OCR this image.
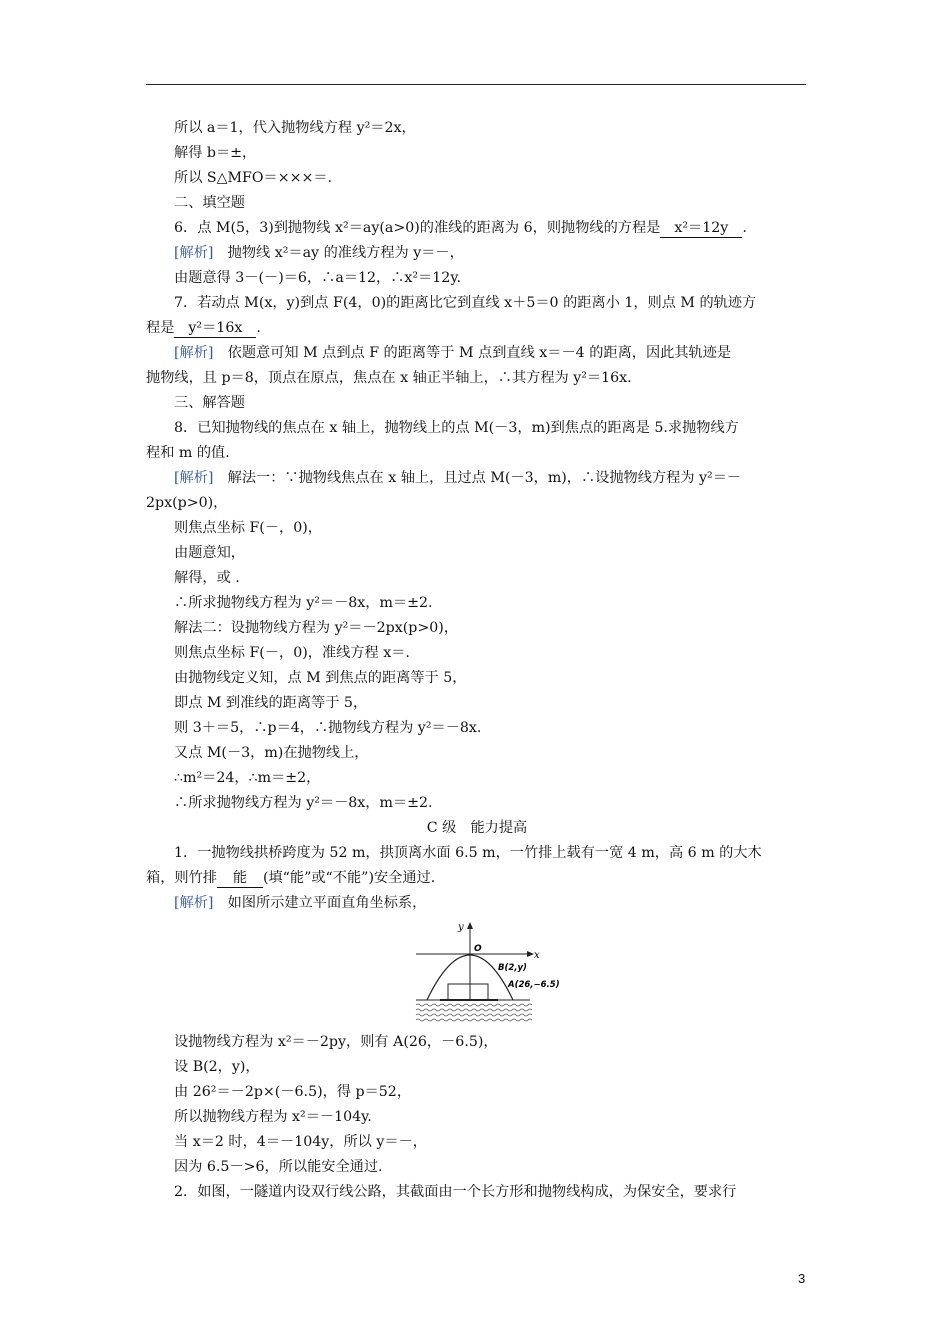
所以 a＝1，代入抛物线方程 y²＝2x，
解得 b＝±，
所以 S△MFO＝×××＝.
二、填空题
6．点 M(5，3)到抛物线 x²＝ay(a>0)的准线的距离为 6，则抛物线的方程是 x²＝12y .
[解析]　抛物线 x²＝ay 的准线方程为 y＝－，
由题意得 3－(－)＝6，∴a＝12，∴x²＝12y.
7．若动点 M(x，y)到点 F(4，0)的距离比它到直线 x＋5＝0 的距离小 1，则点 M 的轨迹方
程是 y²＝16x .
[解析]　依题意可知 M 点到点 F 的距离等于 M 点到直线 x＝－4 的距离，因此其轨迹是
抛物线，且 p＝8，顶点在原点，焦点在 x 轴正半轴上，∴其方程为 y²＝16x.
三、解答题
8．已知抛物线的焦点在 x 轴上，抛物线上的点 M(－3，m)到焦点的距离是 5.求抛物线方
程和 m 的值.
[解析]　解法一：∵抛物线焦点在 x 轴上，且过点 M(－3，m)，∴设抛物线方程为 y²＝－
2px(p>0)，
则焦点坐标 F(－，0)，
由题意知，
解得，或 .
∴所求抛物线方程为 y²＝－8x，m＝±2.
解法二：设抛物线方程为 y²＝－2px(p>0)，
则焦点坐标 F(－，0)，准线方程 x＝.
由抛物线定义知，点 M 到焦点的距离等于 5，
即点 M 到准线的距离等于 5，
则 3＋＝5，∴p＝4，∴抛物线方程为 y²＝－8x.
又点 M(－3，m)在抛物线上，
∴m²＝24，∴m＝±2，
∴所求抛物线方程为 y²＝－8x，m＝±2.
C 级　能力提高
1．一抛物线拱桥跨度为 52 m，拱顶离水面 6.5 m，一竹排上载有一宽 4 m，高 6 m 的大木
箱，则竹排 能 (填“能”或“不能”)安全通过.
[解析]　如图所示建立平面直角坐标系，
y
x
O
B(2,y)
A(26,−6.5)
设抛物线方程为 x²＝－2py，则有 A(26，－6.5)，
设 B(2，y)，
由 26²＝－2p×(－6.5)，得 p＝52，
所以抛物线方程为 x²＝－104y.
当 x＝2 时，4＝－104y，所以 y＝－，
因为 6.5－>6，所以能安全通过.
2．如图，一隧道内设双行线公路，其截面由一个长方形和抛物线构成，为保安全，要求行
3
